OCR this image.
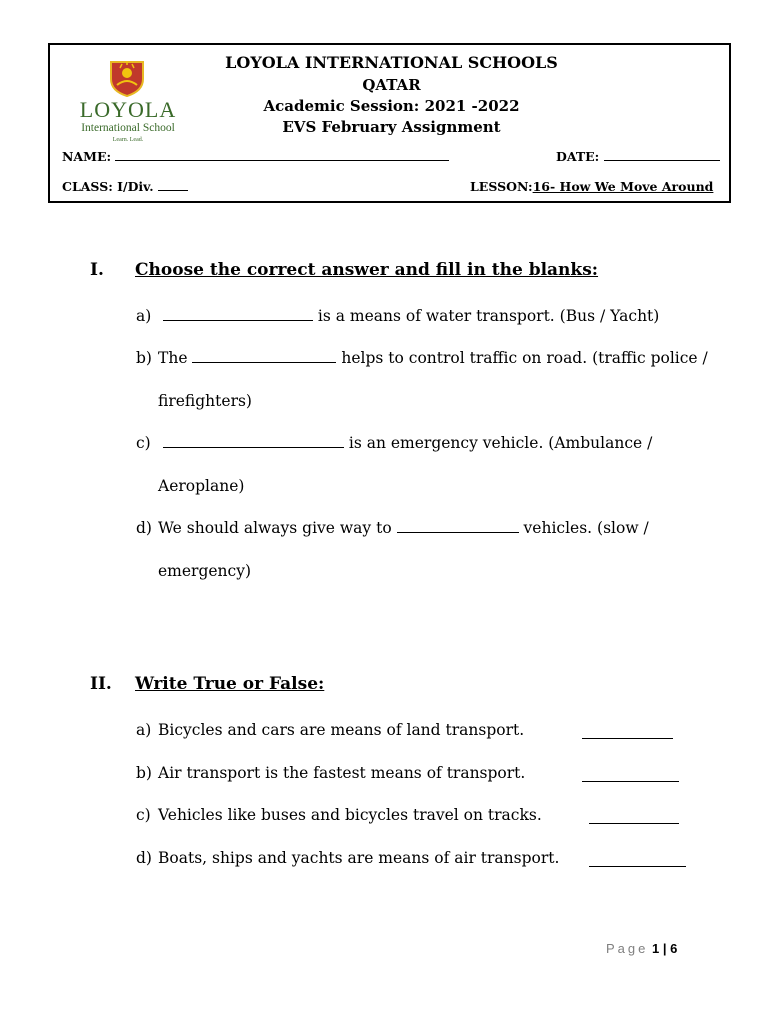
LOYOLA
International School
Learn. Lead.
LOYOLA INTERNATIONAL SCHOOLS
QATAR
Academic Session: 2021 -2022
EVS February Assignment
NAME:	DATE:
CLASS: I/Div.	LESSON:16- How We Move Around
I. Choose the correct answer and fill in the blanks:
a)	is a means of water transport. (Bus / Yacht)
b) The	helps to control traffic on road. (traffic police /
firefighters)
c)	is an emergency vehicle. (Ambulance /
Aeroplane)
d) We should always give way to	vehicles. (slow /
emergency)
II. Write True or False:
a) Bicycles and cars are means of land transport.
b) Air transport is the fastest means of transport.
c) Vehicles like buses and bicycles travel on tracks.
d) Boats, ships and yachts are means of air transport.
Page 1 | 6
